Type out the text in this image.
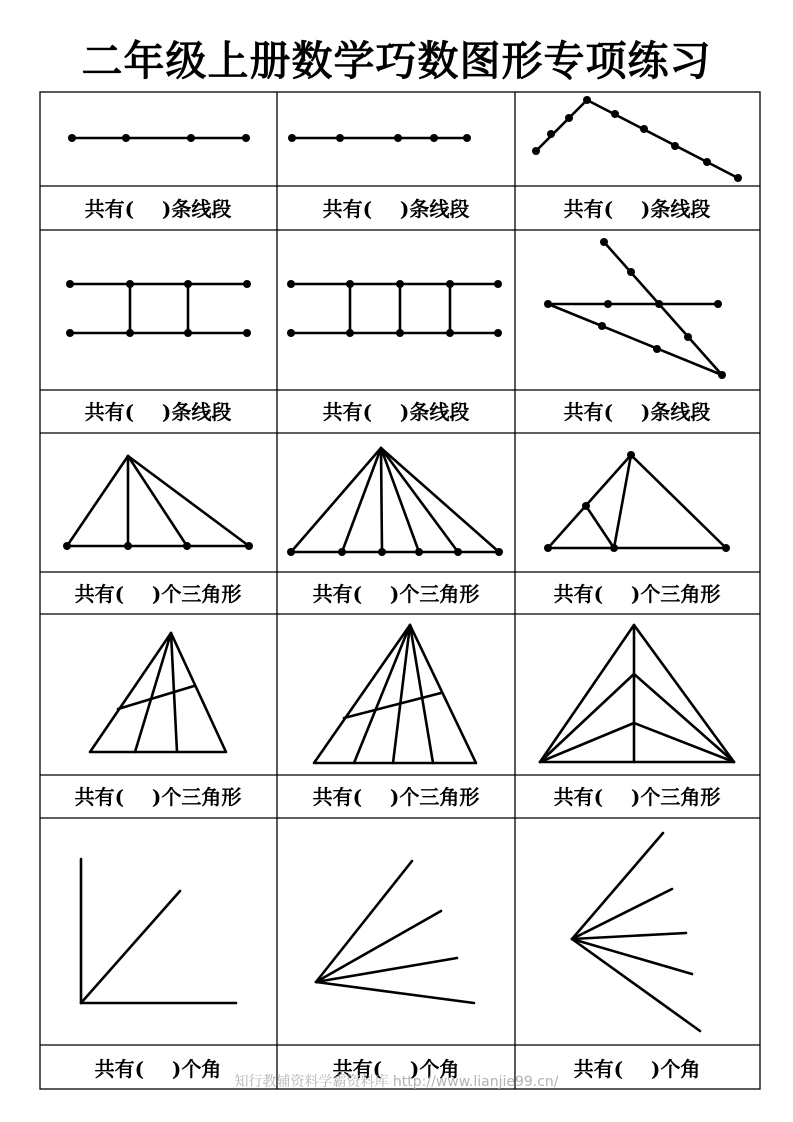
二年级上册数学巧数图形专项练习
共有(    )条线段	共有(    )条线段	共有(    )条线段
共有(    )条线段	共有(    )条线段	共有(    )条线段
共有(    )个三角形	共有(    )个三角形	共有(    )个三角形
共有(    )个三角形	共有(    )个三角形	共有(    )个三角形
共有(    )个角	共有(    )个角	共有(    )个角
知行教辅资料学霸资料库 http://www.lianjie99.cn/
